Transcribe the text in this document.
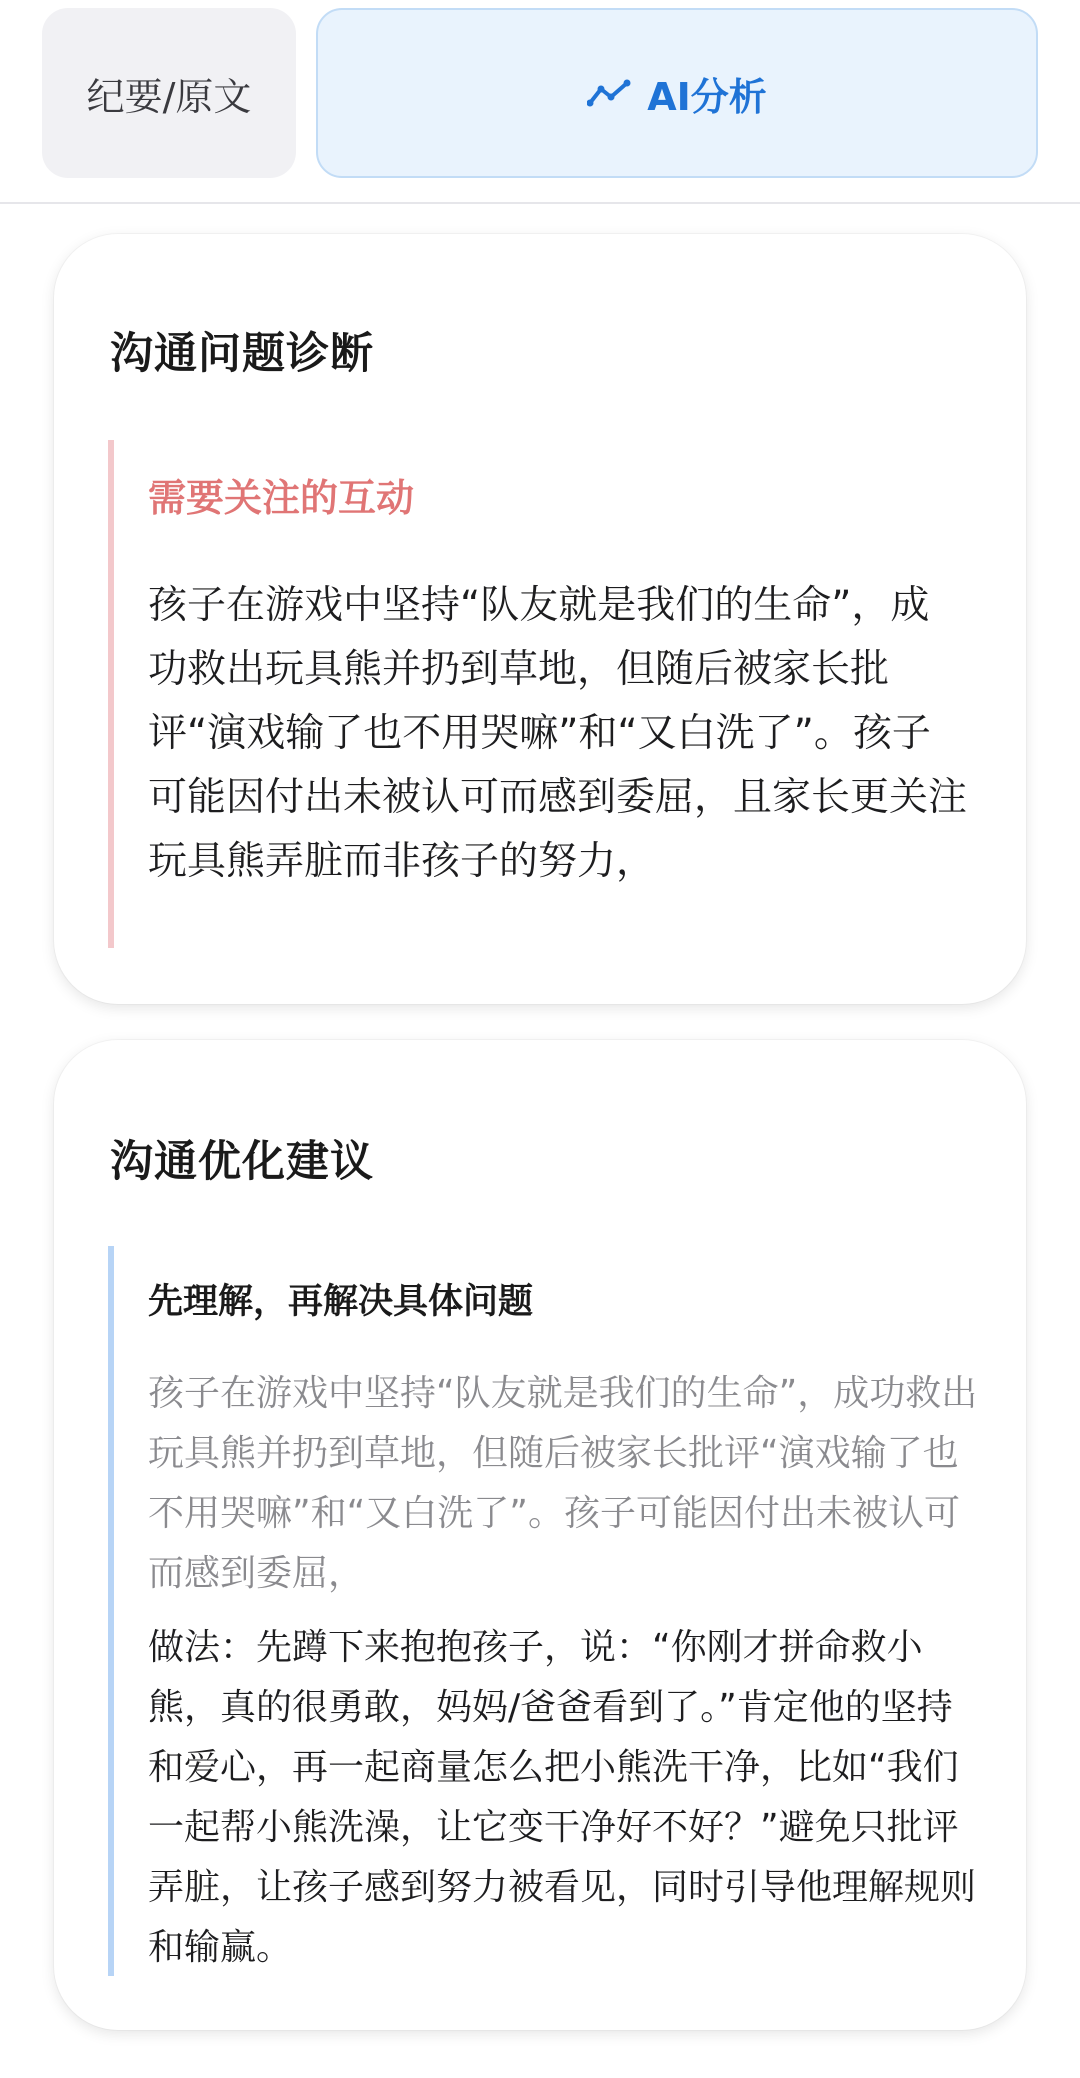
纪要/原文	AI分析
沟通问题诊断
需要关注的互动
孩子在游戏中坚持“队友就是我们的生命”，成功救出玩具熊并扔到草地，但随后被家长批评“演戏输了也不用哭嘛”和“又白洗了”。孩子可能因付出未被认可而感到委屈，且家长更关注玩具熊弄脏而非孩子的努力，
沟通优化建议
先理解，再解决具体问题
孩子在游戏中坚持“队友就是我们的生命”，成功救出玩具熊并扔到草地，但随后被家长批评“演戏输了也不用哭嘛”和“又白洗了”。孩子可能因付出未被认可而感到委屈，
做法：先蹲下来抱抱孩子，说：“你刚才拼命救小熊，真的很勇敢，妈妈/爸爸看到了。”肯定他的坚持和爱心，再一起商量怎么把小熊洗干净，比如“我们一起帮小熊洗澡，让它变干净好不好？”避免只批评弄脏，让孩子感到努力被看见，同时引导他理解规则和输赢。
